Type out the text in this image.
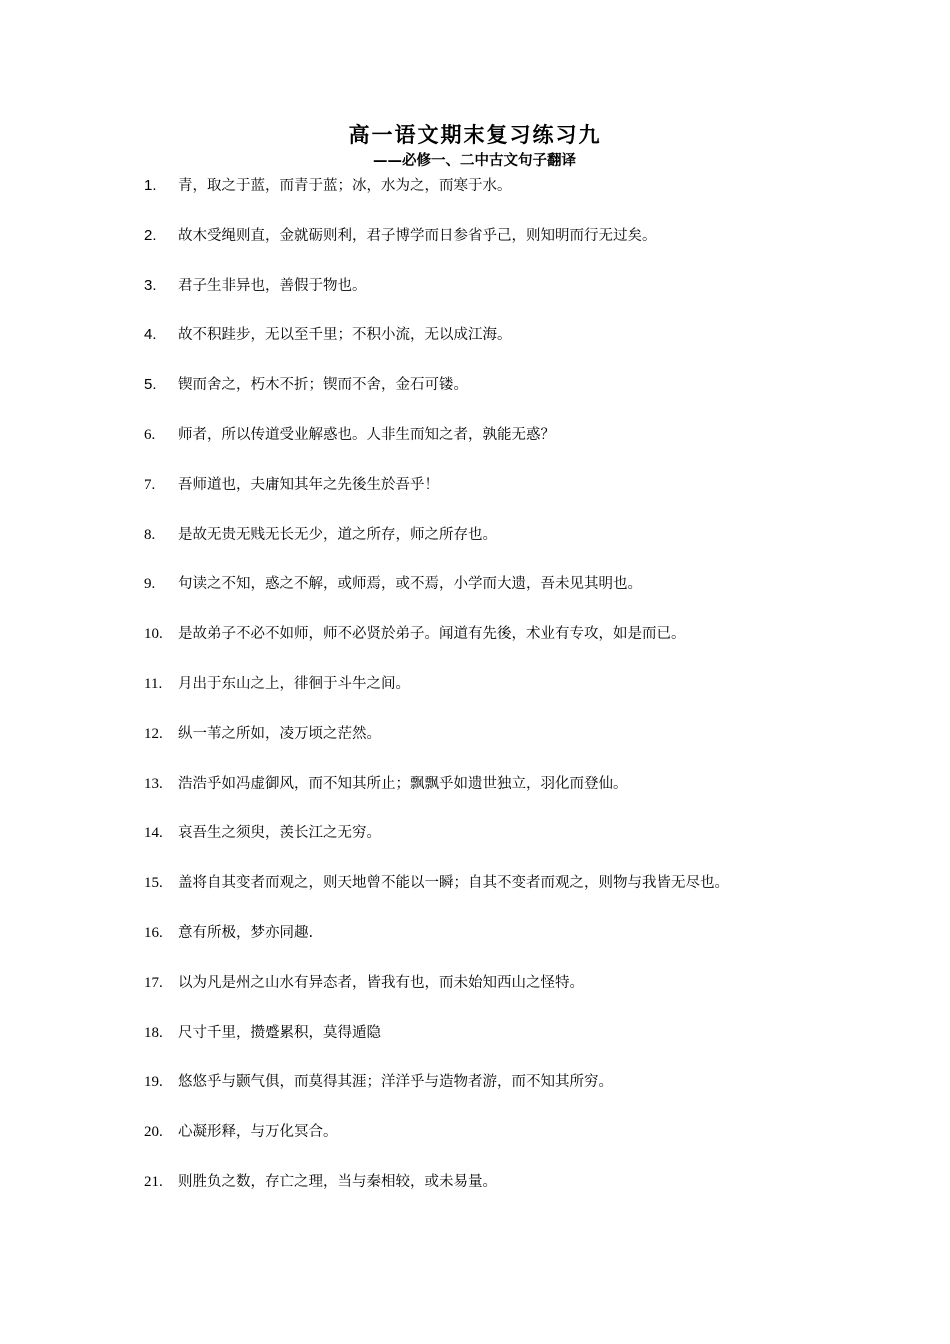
高一语文期末复习练习九
——必修一、二中古文句子翻译
1. 青，取之于蓝，而青于蓝；冰，水为之，而寒于水。
2. 故木受绳则直，金就砺则利，君子博学而日参省乎己，则知明而行无过矣。
3. 君子生非异也，善假于物也。
4. 故不积跬步，无以至千里；不积小流，无以成江海。
5. 锲而舍之，朽木不折；锲而不舍，金石可镂。
6. 师者，所以传道受业解惑也。人非生而知之者，孰能无惑？
7. 吾师道也，夫庸知其年之先後生於吾乎！
8. 是故无贵无贱无长无少，道之所存，师之所存也。
9. 句读之不知，惑之不解，或师焉，或不焉，小学而大遗，吾未见其明也。
10. 是故弟子不必不如师，师不必贤於弟子。闻道有先後，术业有专攻，如是而已。
11. 月出于东山之上，徘徊于斗牛之间。
12. 纵一苇之所如，凌万顷之茫然。
13. 浩浩乎如冯虚御风，而不知其所止；飘飘乎如遗世独立，羽化而登仙。
14. 哀吾生之须臾，羡长江之无穷。
15. 盖将自其变者而观之，则天地曾不能以一瞬；自其不变者而观之，则物与我皆无尽也。
16. 意有所极，梦亦同趣.
17. 以为凡是州之山水有异态者，皆我有也，而未始知西山之怪特。
18. 尺寸千里，攒蹙累积，莫得遁隐
19. 悠悠乎与颢气俱，而莫得其涯；洋洋乎与造物者游，而不知其所穷。
20. 心凝形释，与万化冥合。
21. 则胜负之数，存亡之理，当与秦相较，或未易量。
